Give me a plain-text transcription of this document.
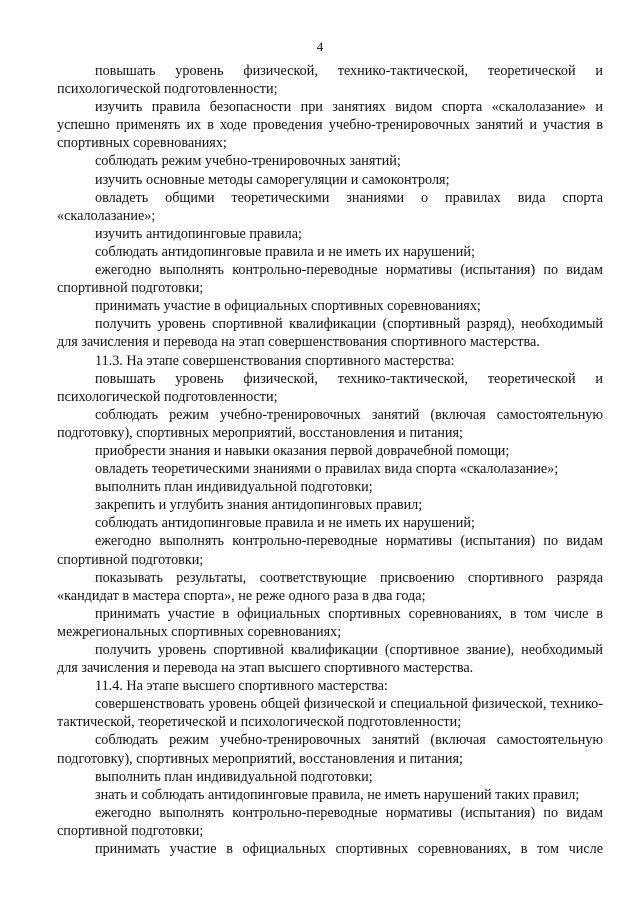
4

повышать уровень физической, технико-тактической, теоретической и психологической подготовленности;

изучить правила безопасности при занятиях видом спорта «скалолазание» и успешно применять их в ходе проведения учебно-тренировочных занятий и участия в спортивных соревнованиях;

соблюдать режим учебно-тренировочных занятий;

изучить основные методы саморегуляции и самоконтроля;

овладеть общими теоретическими знаниями о правилах вида спорта «скалолазание»;

изучить антидопинговые правила;

соблюдать антидопинговые правила и не иметь их нарушений;

ежегодно выполнять контрольно-переводные нормативы (испытания) по видам спортивной подготовки;

принимать участие в официальных спортивных соревнованиях;

получить уровень спортивной квалификации (спортивный разряд), необходимый для зачисления и перевода на этап совершенствования спортивного мастерства.

11.3. На этапе совершенствования спортивного мастерства:

повышать уровень физической, технико-тактической, теоретической и психологической подготовленности;

соблюдать режим учебно-тренировочных занятий (включая самостоятельную подготовку), спортивных мероприятий, восстановления и питания;

приобрести знания и навыки оказания первой доврачебной помощи;

овладеть теоретическими знаниями о правилах вида спорта «скалолазание»;

выполнить план индивидуальной подготовки;

закрепить и углубить знания антидопинговых правил;

соблюдать антидопинговые правила и не иметь их нарушений;

ежегодно выполнять контрольно-переводные нормативы (испытания) по видам спортивной подготовки;

показывать результаты, соответствующие присвоению спортивного разряда «кандидат в мастера спорта», не реже одного раза в два года;

принимать участие в официальных спортивных соревнованиях, в том числе в межрегиональных спортивных соревнованиях;

получить уровень спортивной квалификации (спортивное звание), необходимый для зачисления и перевода на этап высшего спортивного мастерства.

11.4. На этапе высшего спортивного мастерства:

совершенствовать уровень общей физической и специальной физической, технико-тактической, теоретической и психологической подготовленности;

соблюдать режим учебно-тренировочных занятий (включая самостоятельную подготовку), спортивных мероприятий, восстановления и питания;

выполнить план индивидуальной подготовки;

знать и соблюдать антидопинговые правила, не иметь нарушений таких правил;

ежегодно выполнять контрольно-переводные нормативы (испытания) по видам спортивной подготовки;

принимать участие в официальных спортивных соревнованиях, в том числе
